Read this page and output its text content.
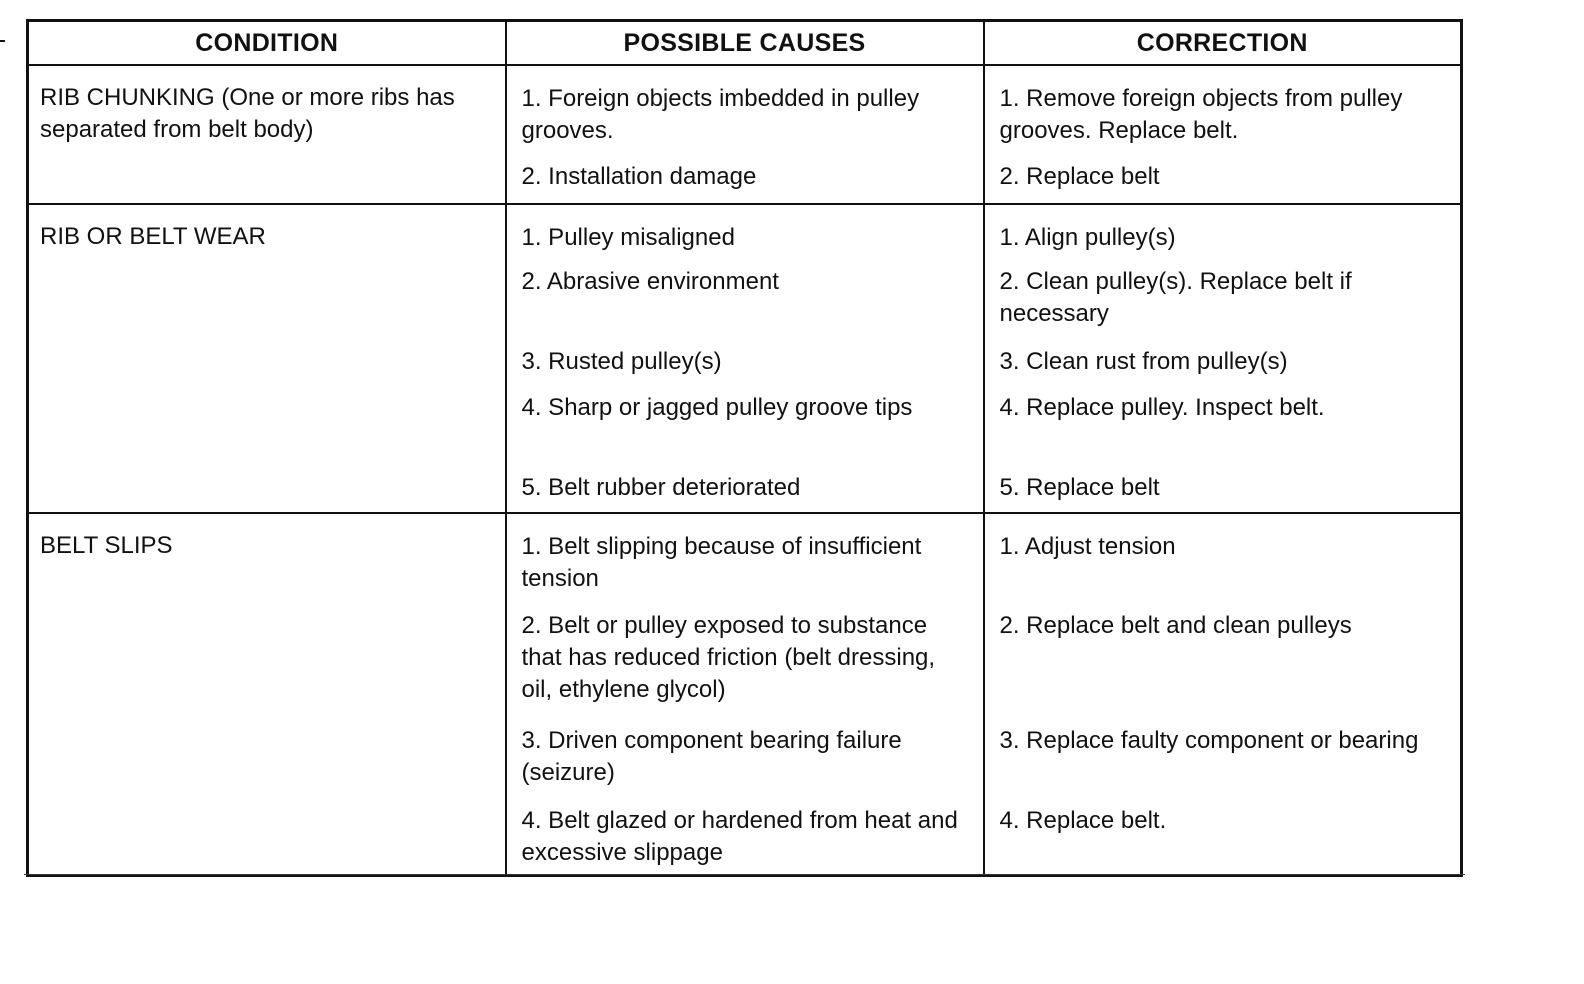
CONDITION	POSSIBLE CAUSES	CORRECTION
RIB CHUNKING (One or more ribs has separated from belt body)	1. Foreign objects imbedded in pulley grooves.	1. Remove foreign objects from pulley grooves. Replace belt.

	2. Installation damage	2. Replace belt

RIB OR BELT WEAR	1. Pulley misaligned	1. Align pulley(s)

	2. Abrasive environment	2. Clean pulley(s). Replace belt if necessary

	3. Rusted pulley(s)	3. Clean rust from pulley(s)

	4. Sharp or jagged pulley groove tips	4. Replace pulley. Inspect belt.

	5. Belt rubber deteriorated	5. Replace belt

BELT SLIPS	1. Belt slipping because of insufficient tension	1. Adjust tension

	2. Belt or pulley exposed to substance that has reduced friction (belt dressing, oil, ethylene glycol)	2. Replace belt and clean pulleys

	3. Driven component bearing failure (seizure)	3. Replace faulty component or bearing

	4. Belt glazed or hardened from heat and excessive slippage	4. Replace belt.
